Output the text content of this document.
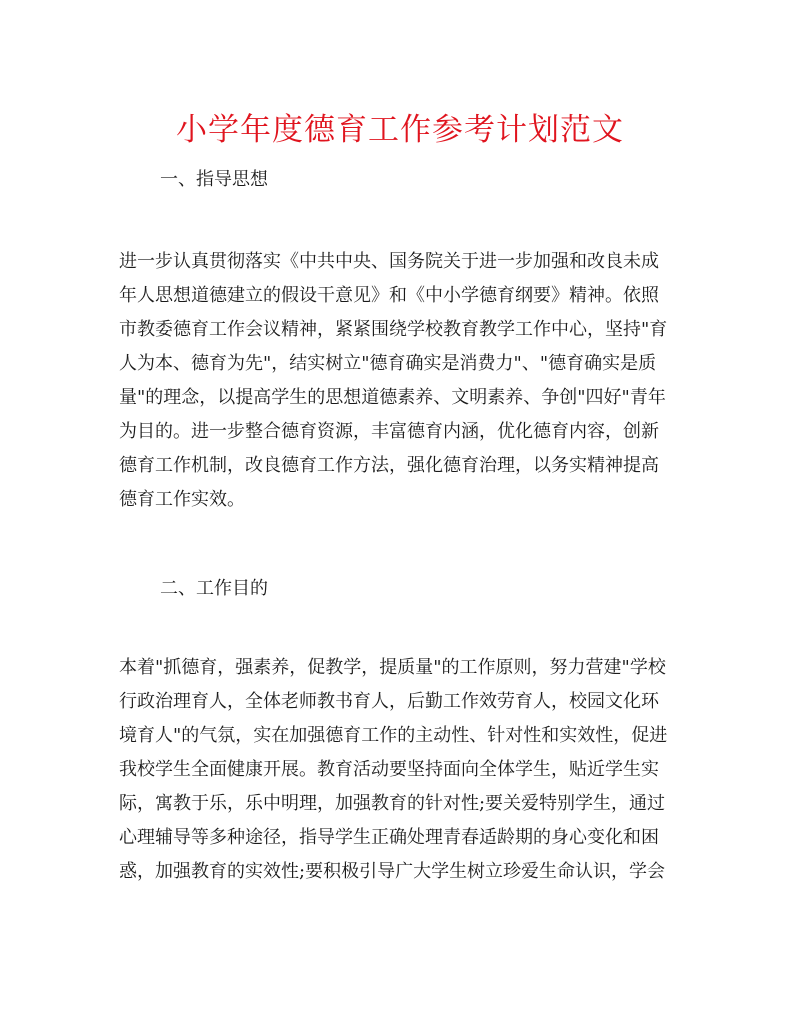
小学年度德育工作参考计划范文
一、指导思想
进一步认真贯彻落实《中共中央、国务院关于进一步加强和改良未成
年人思想道德建立的假设干意见》和《中小学德育纲要》精神。依照
市教委德育工作会议精神，紧紧围绕学校教育教学工作中心，坚持"育
人为本、德育为先"，结实树立"德育确实是消费力"、"德育确实是质
量"的理念，以提高学生的思想道德素养、文明素养、争创"四好"青年
为目的。进一步整合德育资源，丰富德育内涵，优化德育内容，创新
德育工作机制，改良德育工作方法，强化德育治理，以务实精神提高
德育工作实效。
二、工作目的
本着"抓德育，强素养，促教学，提质量"的工作原则，努力营建"学校
行政治理育人，全体老师教书育人，后勤工作效劳育人，校园文化环
境育人"的气氛，实在加强德育工作的主动性、针对性和实效性，促进
我校学生全面健康开展。教育活动要坚持面向全体学生，贴近学生实
际，寓教于乐，乐中明理，加强教育的针对性;要关爱特别学生，通过
心理辅导等多种途径，指导学生正确处理青春适龄期的身心变化和困
惑，加强教育的实效性;要积极引导广大学生树立珍爱生命认识，学会
